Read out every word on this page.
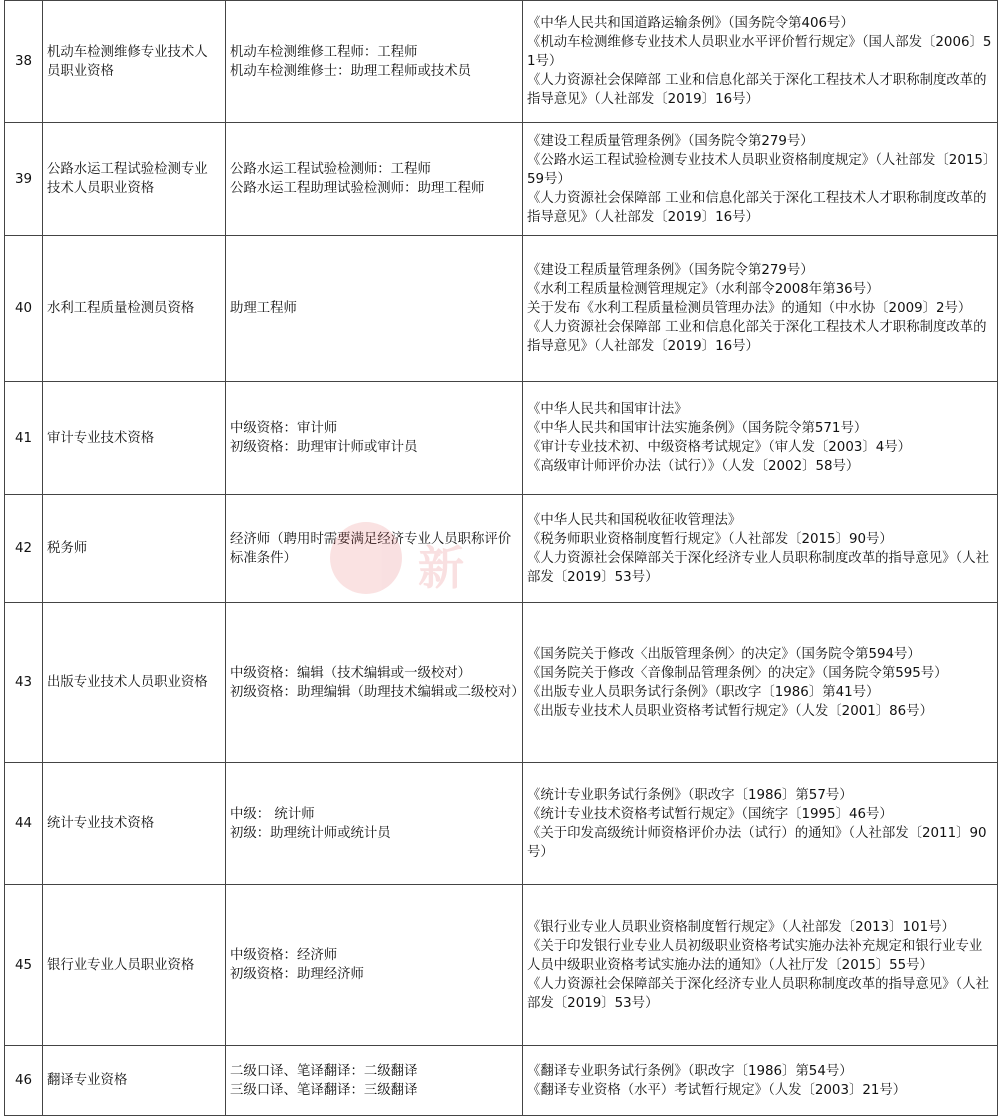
38	机动车检测维修专业技术人员职业资格	机动车检测维修工程师：工程师
机动车检测维修士：助理工程师或技术员	《中华人民共和国道路运输条例》（国务院令第406号）
《机动车检测维修专业技术人员职业水平评价暂行规定》（国人部发〔2006〕51号）
《人力资源社会保障部 工业和信息化部关于深化工程技术人才职称制度改革的指导意见》（人社部发〔2019〕16号）

39	公路水运工程试验检测专业技术人员职业资格	公路水运工程试验检测师：工程师
公路水运工程助理试验检测师：助理工程师	《建设工程质量管理条例》（国务院令第279号）
《公路水运工程试验检测专业技术人员职业资格制度规定》（人社部发〔2015〕59号）
《人力资源社会保障部 工业和信息化部关于深化工程技术人才职称制度改革的指导意见》（人社部发〔2019〕16号）

40	水利工程质量检测员资格	助理工程师	《建设工程质量管理条例》（国务院令第279号）
《水利工程质量检测管理规定》（水利部令2008年第36号）
关于发布《水利工程质量检测员管理办法》的通知（中水协〔2009〕2号）
《人力资源社会保障部 工业和信息化部关于深化工程技术人才职称制度改革的指导意见》（人社部发〔2019〕16号）

41	审计专业技术资格	中级资格：审计师
初级资格：助理审计师或审计员	《中华人民共和国审计法》
《中华人民共和国审计法实施条例》（国务院令第571号）
《审计专业技术初、中级资格考试规定》（审人发〔2003〕4号）
《高级审计师评价办法（试行）》（人发〔2002〕58号）

42	税务师	经济师（聘用时需要满足经济专业人员职称评价标准条件）	《中华人民共和国税收征收管理法》
《税务师职业资格制度暂行规定》（人社部发〔2015〕90号）
《人力资源社会保障部关于深化经济专业人员职称制度改革的指导意见》（人社部发〔2019〕53号）

43	出版专业技术人员职业资格	中级资格：编辑（技术编辑或一级校对）
初级资格：助理编辑（助理技术编辑或二级校对）	《国务院关于修改〈出版管理条例〉的决定》（国务院令第594号）
《国务院关于修改〈音像制品管理条例〉的决定》（国务院令第595号）
《出版专业人员职务试行条例》（职改字〔1986〕第41号）
《出版专业技术人员职业资格考试暂行规定》（人发〔2001〕86号）

44	统计专业技术资格	中级： 统计师
初级：助理统计师或统计员	《统计专业职务试行条例》（职改字〔1986〕第57号）
《统计专业技术资格考试暂行规定》（国统字〔1995〕46号）
《关于印发高级统计师资格评价办法（试行）的通知》（人社部发〔2011〕90号）

45	银行业专业人员职业资格	中级资格：经济师
初级资格：助理经济师	《银行业专业人员职业资格制度暂行规定》（人社部发〔2013〕101号）
《关于印发银行业专业人员初级职业资格考试实施办法补充规定和银行业专业人员中级职业资格考试实施办法的通知》（人社厅发〔2015〕55号）
《人力资源社会保障部关于深化经济专业人员职称制度改革的指导意见》（人社部发〔2019〕53号）

46	翻译专业资格	二级口译、笔译翻译：二级翻译
三级口译、笔译翻译：三级翻译	《翻译专业职务试行条例》（职改字〔1986〕第54号）
《翻译专业资格（水平）考试暂行规定》（人发〔2003〕21号）
新
